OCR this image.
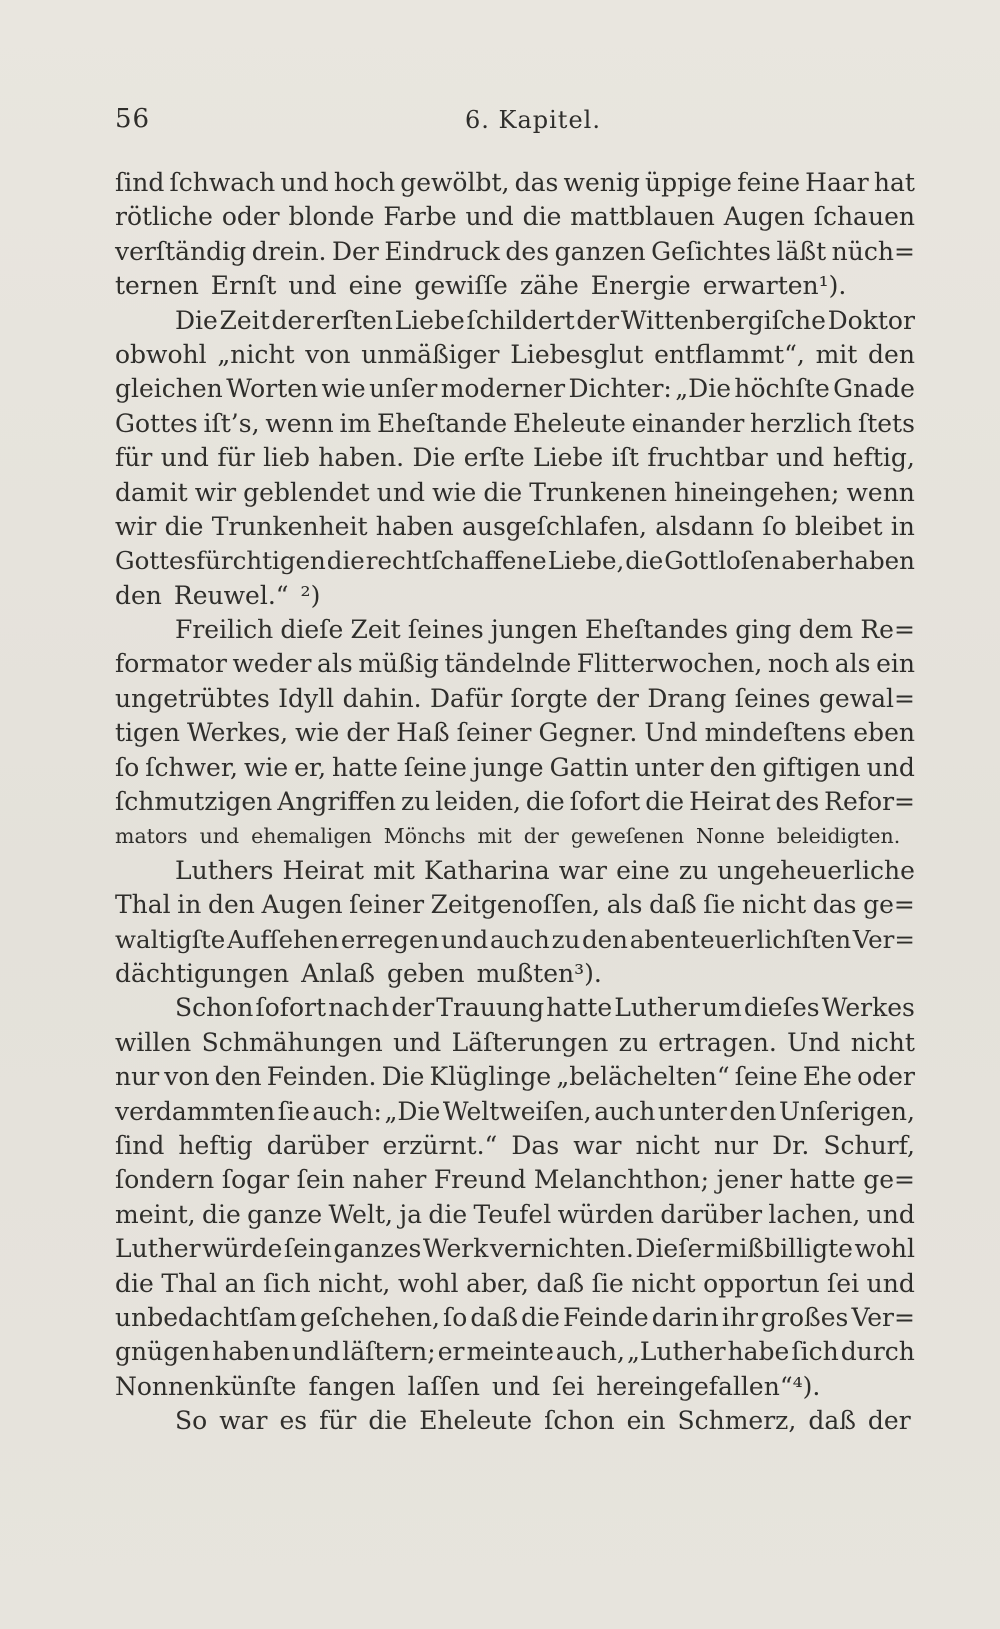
56	6. Kapitel.
ſind ſchwach und hoch gewölbt, das wenig üppige feine Haar hat
rötliche oder blonde Farbe und die mattblauen Augen ſchauen
verſtändig drein. Der Eindruck des ganzen Geſichtes läßt nüch=
ternen Ernſt und eine gewiſſe zähe Energie erwarten¹).
Die Zeit der erſten Liebe ſchildert der Wittenbergiſche Doktor
obwohl „nicht von unmäßiger Liebesglut entflammt“, mit den
gleichen Worten wie unſer moderner Dichter: „Die höchſte Gnade
Gottes iſt’s, wenn im Eheſtande Eheleute einander herzlich ſtets
für und für lieb haben. Die erſte Liebe iſt fruchtbar und heftig,
damit wir geblendet und wie die Trunkenen hineingehen; wenn
wir die Trunkenheit haben ausgeſchlafen, alsdann ſo bleibet in
Gottesfürchtigen die rechtſchaffene Liebe, die Gottloſen aber haben
den Reuwel.“ ²)
Freilich dieſe Zeit ſeines jungen Eheſtandes ging dem Re=
formator weder als müßig tändelnde Flitterwochen, noch als ein
ungetrübtes Idyll dahin. Dafür ſorgte der Drang ſeines gewal=
tigen Werkes, wie der Haß ſeiner Gegner. Und mindeſtens eben
ſo ſchwer, wie er, hatte ſeine junge Gattin unter den giftigen und
ſchmutzigen Angriffen zu leiden, die ſofort die Heirat des Refor=
mators und ehemaligen Mönchs mit der geweſenen Nonne beleidigten.
Luthers Heirat mit Katharina war eine zu ungeheuerliche
Thal in den Augen ſeiner Zeitgenoſſen, als daß ſie nicht das ge=
waltigſte Aufſehen erregen und auch zu den abenteuerlichſten Ver=
dächtigungen Anlaß geben mußten³).
Schon ſofort nach der Trauung hatte Luther um dieſes Werkes
willen Schmähungen und Läſterungen zu ertragen. Und nicht
nur von den Feinden. Die Klüglinge „belächelten“ ſeine Ehe oder
verdammten ſie auch: „Die Weltweiſen, auch unter den Unſerigen,
ſind heftig darüber erzürnt.“ Das war nicht nur Dr. Schurf,
ſondern ſogar ſein naher Freund Melanchthon; jener hatte ge=
meint, die ganze Welt, ja die Teufel würden darüber lachen, und
Luther würde ſein ganzes Werk vernichten. Dieſer mißbilligte wohl
die Thal an ſich nicht, wohl aber, daß ſie nicht opportun ſei und
unbedachtſam geſchehen, ſo daß die Feinde darin ihr großes Ver=
gnügen haben und läſtern; er meinte auch, „Luther habe ſich durch
Nonnenkünſte fangen laſſen und ſei hereingefallen“⁴).
So war es für die Eheleute ſchon ein Schmerz, daß der
